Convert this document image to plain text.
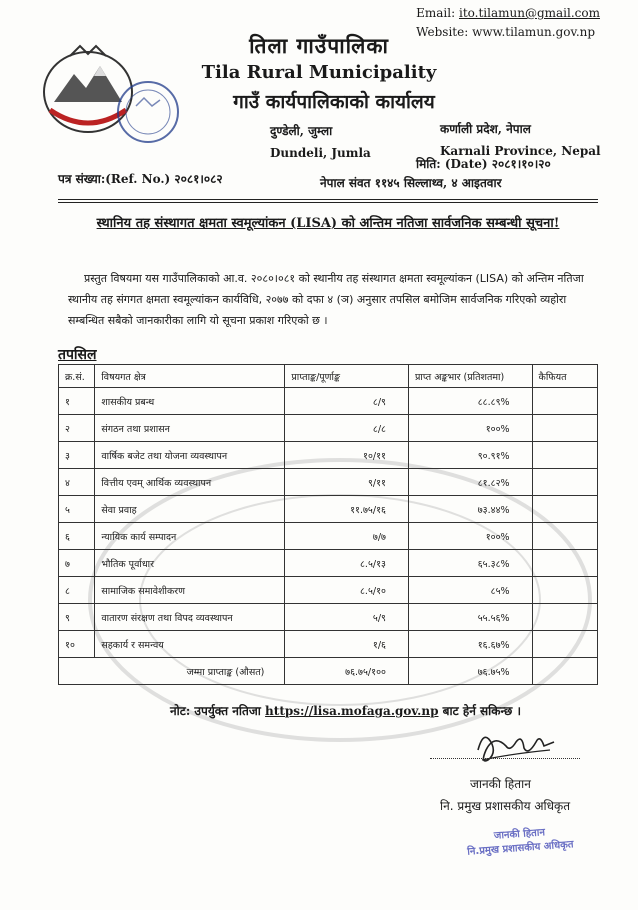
Email: ito.tilamun@gmail.com
Website: www.tilamun.gov.np
तिला गाउँपालिका
Tila Rural Municipality
गाउँ कार्यपालिकाको कार्यालय
दुण्डेली, जुम्ला
Dundeli, Jumla
कर्णाली प्रदेश, नेपाल
Karnali Province, Nepal
पत्र संख्या:(Ref. No.) २०८१।०८२
मिति: (Date) २०८१।१०।२०
नेपाल संवत ११४५ सिल्लाथ्व, ४ आइतवार
स्थानिय तह संस्थागत क्षमता स्वमूल्यांकन (LISA) को अन्तिम नतिजा सार्वजनिक सम्बन्धी सूचना!
प्रस्तुत विषयमा यस गाउँपालिकाको आ.व. २०८०।०८१ को स्थानीय तह संस्थागत क्षमता स्वमूल्यांकन (LISA) को अन्तिम नतिजा स्थानीय तह संगगत क्षमता स्वमूल्यांकन कार्यविधि, २०७७ को दफा ४ (ञ) अनुसार तपसिल बमोजिम सार्वजनिक गरिएको व्यहोरा सम्बन्धित सबैको जानकारीका लागि यो सूचना प्रकाश गरिएको छ ।
तपसिल
क्र.सं.	विषयगत क्षेत्र	प्राप्ताङ्क/पूर्णाङ्क	प्राप्त अङ्कभार (प्रतिशतमा)	कैफियत
१	शासकीय प्रबन्ध	८/९	८८.८९%	
२	संगठन तथा प्रशासन	८/८	१००%	
३	वार्षिक बजेट तथा योजना व्यवस्थापन	१०/११	९०.९१%	
४	वित्तीय एवम् आर्थिक व्यवस्थापन	९/११	८१.८२%	
५	सेवा प्रवाह	११.७५/१६	७३.४४%	
६	न्यायिक कार्य सम्पादन	७/७	१००%	
७	भौतिक पूर्वाधार	८.५/१३	६५.३८%	
८	सामाजिक समावेशीकरण	८.५/१०	८५%	
९	वातारण संरक्षण तथा विपद व्यवस्थापन	५/९	५५.५६%	
१०	सहकार्य र समन्वय	१/६	१६.६७%	
जम्मा प्राप्ताङ्क (औसत)		७६.७५/१००	७६.७५%	
नोट: उपर्युक्त नतिजा https://lisa.mofaga.gov.np बाट हेर्न सकिन्छ ।
जानकी हितान
नि. प्रमुख प्रशासकीय अधिकृत
जानकी हितान
नि.प्रमुख प्रशासकीय अधिकृत
